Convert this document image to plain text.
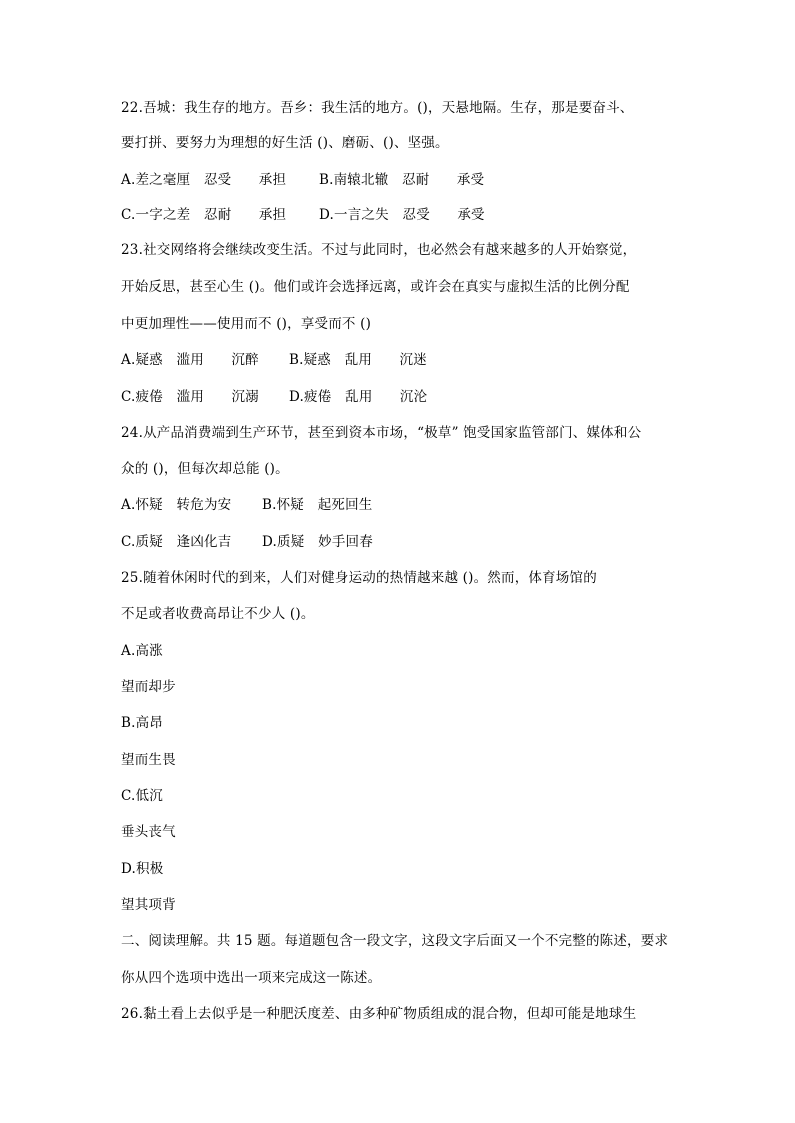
22.吾城：我生存的地方。吾乡：我生活的地方。()，天悬地隔。生存，那是要奋斗、
要打拼、要努力为理想的好生活 ()、磨砺、()、坚强。
A.差之毫厘　忍受　　承担 B.南辕北辙　忍耐　　承受
C.一字之差　忍耐　　承担 D.一言之失　忍受　　承受
23.社交网络将会继续改变生活。不过与此同时，也必然会有越来越多的人开始察觉，
开始反思，甚至心生 ()。他们或许会选择远离，或许会在真实与虚拟生活的比例分配
中更加理性——使用而不 ()，享受而不 ()
A.疑惑　滥用　　沉醉 B.疑惑　乱用　　沉迷
C.疲倦　滥用　　沉溺 D.疲倦　乱用　　沉沦
24.从产品消费端到生产环节，甚至到资本市场，“极草” 饱受国家监管部门、媒体和公
众的 ()，但每次却总能 ()。
A.怀疑　转危为安 B.怀疑　起死回生
C.质疑　逢凶化吉 D.质疑　妙手回春
25.随着休闲时代的到来，人们对健身运动的热情越来越 ()。然而，体育场馆的
不足或者收费高昂让不少人 ()。
A.高涨
望而却步
B.高昂
望而生畏
C.低沉
垂头丧气
D.积极
望其项背
二、阅读理解。共 15 题。每道题包含一段文字，这段文字后面又一个不完整的陈述，要求
你从四个选项中选出一项来完成这一陈述。
26.黏土看上去似乎是一种肥沃度差、由多种矿物质组成的混合物，但却可能是地球生
